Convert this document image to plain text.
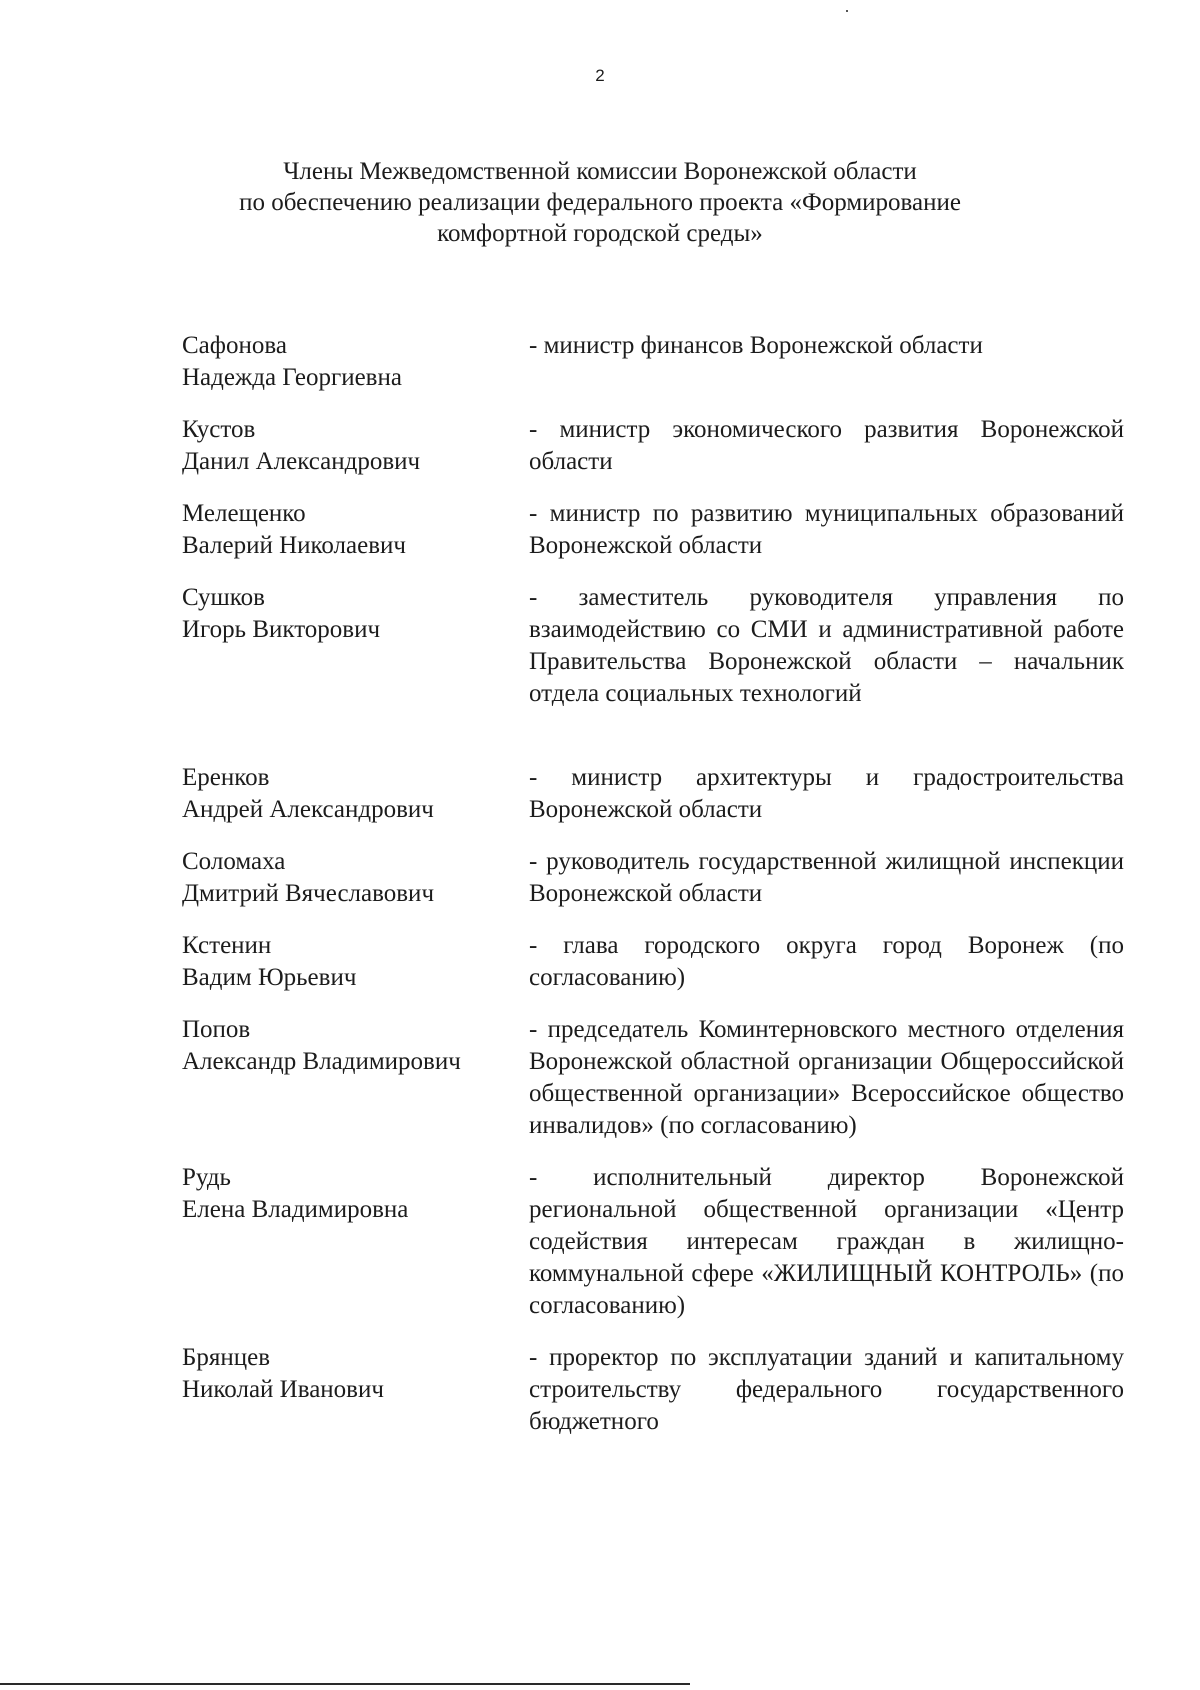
2
Члены Межведомственной комиссии Воронежской области
по обеспечению реализации федерального проекта «Формирование
комфортной городской среды»
Сафонова
Надежда Георгиевна
- министр финансов Воронежской области
Кустов
Данил Александрович
- министр экономического развития Воронежской области
Мелещенко
Валерий Николаевич
- министр по развитию муниципальных образований Воронежской области
Сушков
Игорь Викторович
- заместитель руководителя управления по взаимодействию со СМИ и административной работе Правительства Воронежской области – начальник отдела социальных технологий
Еренков
Андрей Александрович
- министр архитектуры и градостроительства Воронежской области
Соломаха
Дмитрий Вячеславович
- руководитель государственной жилищной инспекции Воронежской области
Кстенин
Вадим Юрьевич
- глава городского округа город Воронеж (по согласованию)
Попов
Александр Владимирович
- председатель Коминтерновского местного отделения Воронежской областной организации Общероссийской общественной организации» Всероссийское общество инвалидов» (по согласованию)
Рудь
Елена Владимировна
- исполнительный директор Воронежской региональной общественной организации «Центр содействия интересам граждан в жилищно-коммунальной сфере «ЖИЛИЩНЫЙ КОНТРОЛЬ» (по согласованию)
Брянцев
Николай Иванович
- проректор по эксплуатации зданий и капитальному строительству федерального государственного бюджетного
